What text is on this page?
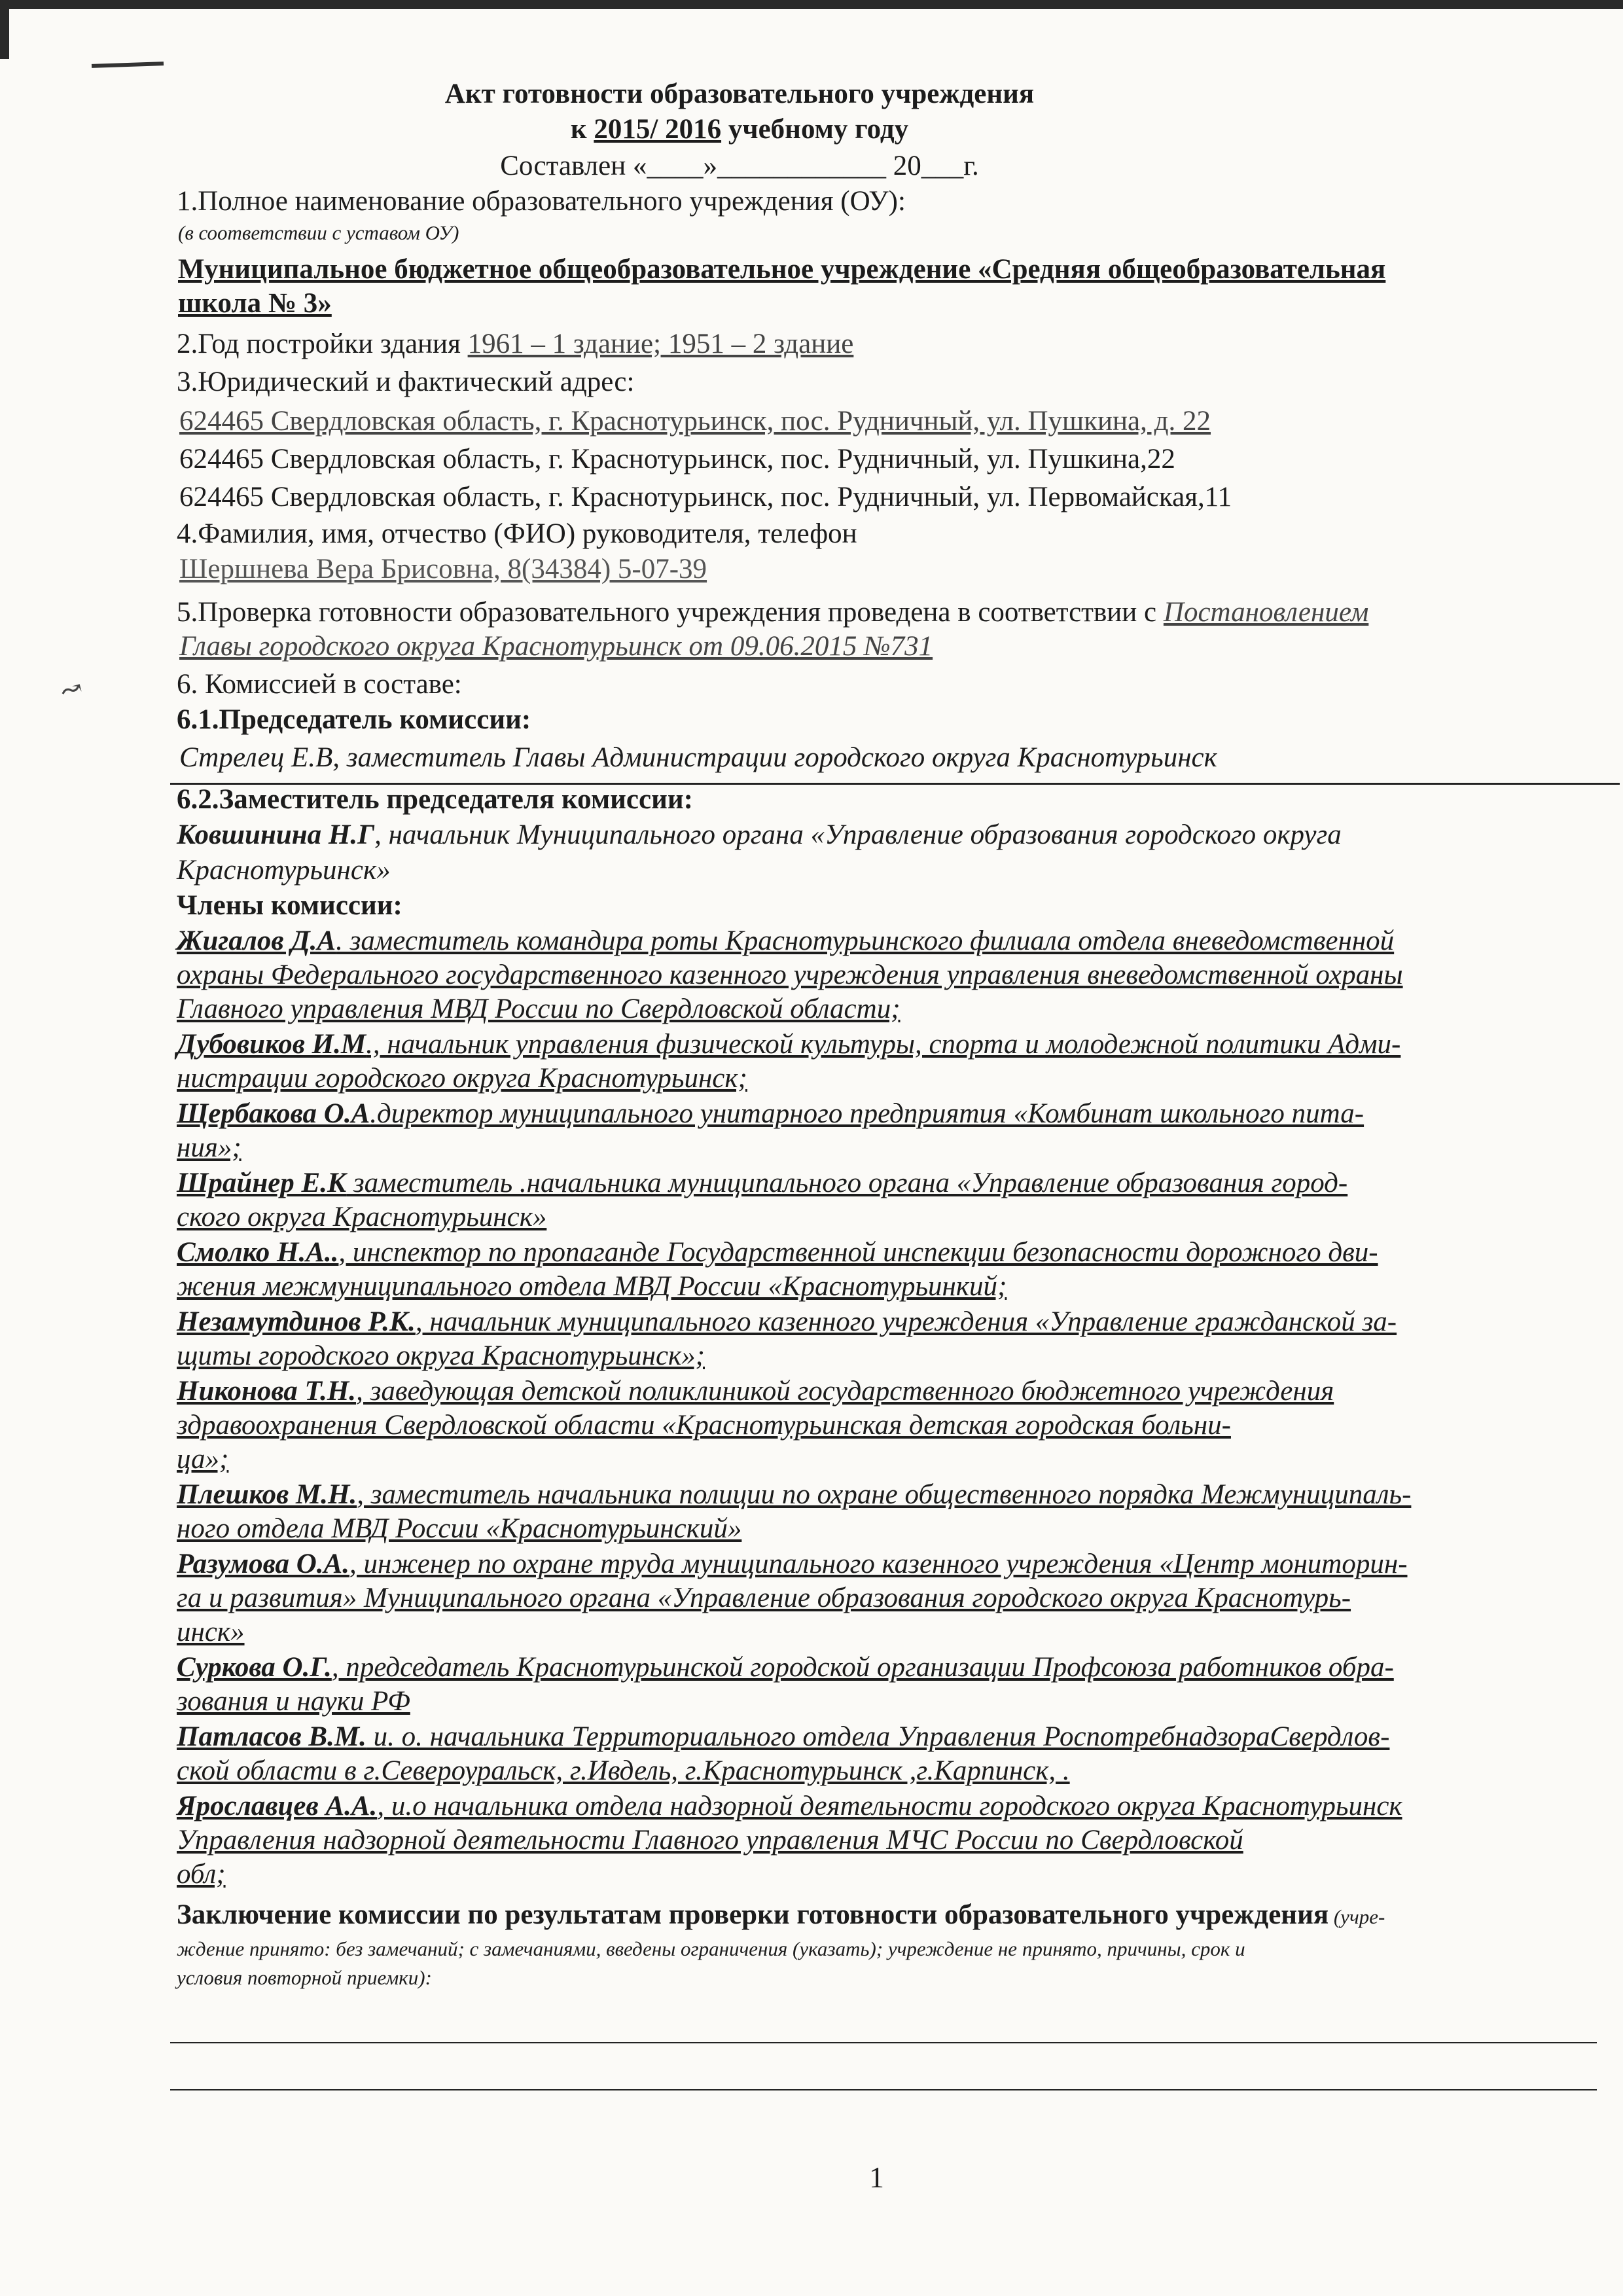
↝
Акт готовности образовательного учреждения
к 2015/ 2016 учебному году
Составлен «____»____________ 20___г.
1.Полное наименование образовательного учреждения (ОУ):
(в соответствии с уставом ОУ)
Муниципальное бюджетное общеобразовательное учреждение «Средняя общеобразовательная
школа № 3»
2.Год постройки здания 1961 – 1 здание; 1951 – 2 здание
3.Юридический и фактический адрес:
624465 Свердловская область, г. Краснотурьинск, пос. Рудничный, ул. Пушкина, д. 22
624465 Свердловская область, г. Краснотурьинск, пос. Рудничный, ул. Пушкина,22
624465 Свердловская область, г. Краснотурьинск, пос. Рудничный, ул. Первомайская,11
4.Фамилия, имя, отчество (ФИО) руководителя, телефон
Шершнева Вера Брисовна, 8(34384) 5-07-39
5.Проверка готовности образовательного учреждения проведена в соответствии с Постановлением
Главы городского округа Краснотурьинск от 09.06.2015 №731
6. Комиссией в составе:
6.1.Председатель комиссии:
Стрелец Е.В, заместитель Главы Администрации городского округа Краснотурьинск
6.2.Заместитель председателя комиссии:
Ковшинина Н.Г, начальник Муниципального органа «Управление образования городского округа
Краснотурьинск»
Члены комиссии:
Жигалов Д.А. заместитель командира роты Краснотурьинского филиала отдела вневедомственной
охраны Федерального государственного казенного учреждения управления вневедомственной охраны
Главного управления МВД России по Свердловской области;
Дубовиков И.М., начальник управления физической культуры, спорта и молодежной политики Адми-
нистрации городского округа Краснотурьинск;
Щербакова О.А.директор муниципального унитарного предприятия «Комбинат школьного пита-
ния»;
Шрайнер Е.К заместитель .начальника муниципального органа «Управление образования город-
ского округа Краснотурьинск»
Смолко Н.А.., инспектор по пропаганде Государственной инспекции безопасности дорожного дви-
жения межмуниципального отдела МВД России «Краснотурьинкий;
Незамутдинов Р.К., начальник муниципального казенного учреждения «Управление гражданской за-
щиты городского округа Краснотурьинск»;
Никонова Т.Н., заведующая детской поликлиникой государственного бюджетного учреждения
здравоохранения Свердловской области «Краснотурьинская детская городская больни-
ца»;
Плешков М.Н., заместитель начальника полиции по охране общественного порядка Межмуниципаль-
ного отдела МВД России «Краснотурьинский»
Разумова О.А., инженер по охране труда муниципального казенного учреждения «Центр мониторин-
га и развития» Муниципального органа «Управление образования городского округа Краснотурь-
инск»
Суркова О.Г., председатель Краснотурьинской городской организации Профсоюза работников обра-
зования и науки РФ
Патласов В.М. и. о. начальника Территориального отдела Управления РоспотребнадзораСвердлов-
ской области в г.Североуральск, г.Ивдель, г.Краснотурьинск ,г.Карпинск, .
Ярославцев А.А., и.о начальника отдела надзорной деятельности городского округа Краснотурьинск
Управления надзорной деятельности Главного управления МЧС России по Свердловской
обл;
Заключение комиссии по результатам проверки готовности образовательного учреждения (учре-
ждение принято: без замечаний; с замечаниями, введены ограничения (указать); учреждение не принято, причины, срок и
условия повторной приемки):
1
